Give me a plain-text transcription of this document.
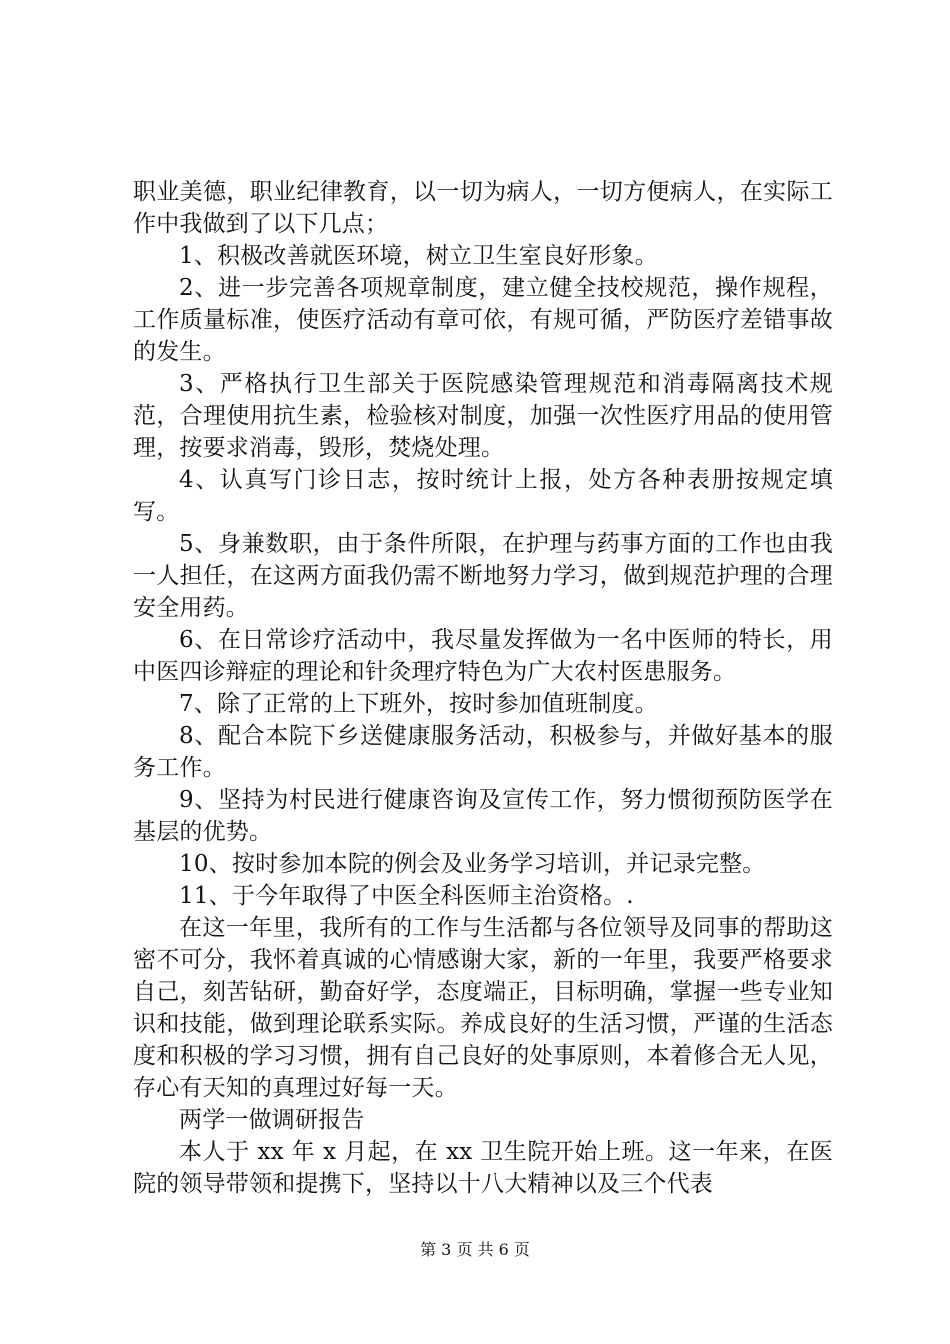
职业美德，职业纪律教育，以一切为病人，一切方便病人，在实际工作中我做到了以下几点；

1、积极改善就医环境，树立卫生室良好形象。

2、进一步完善各项规章制度，建立健全技校规范，操作规程，工作质量标准，使医疗活动有章可依，有规可循，严防医疗差错事故的发生。

3、严格执行卫生部关于医院感染管理规范和消毒隔离技术规范，合理使用抗生素，检验核对制度，加强一次性医疗用品的使用管理，按要求消毒，毁形，焚烧处理。

4、认真写门诊日志，按时统计上报，处方各种表册按规定填写。

5、身兼数职，由于条件所限，在护理与药事方面的工作也由我一人担任，在这两方面我仍需不断地努力学习，做到规范护理的合理安全用药。

6、在日常诊疗活动中，我尽量发挥做为一名中医师的特长，用中医四诊辩症的理论和针灸理疗特色为广大农村医患服务。

7、除了正常的上下班外，按时参加值班制度。

8、配合本院下乡送健康服务活动，积极参与，并做好基本的服务工作。

9、坚持为村民进行健康咨询及宣传工作，努力惯彻预防医学在基层的优势。

10、按时参加本院的例会及业务学习培训，并记录完整。

11、于今年取得了中医全科医师主治资格。.

在这一年里，我所有的工作与生活都与各位领导及同事的帮助这密不可分，我怀着真诚的心情感谢大家，新的一年里，我要严格要求自己，刻苦钻研，勤奋好学，态度端正，目标明确，掌握一些专业知识和技能，做到理论联系实际。养成良好的生活习惯，严谨的生活态度和积极的学习习惯，拥有自己良好的处事原则，本着修合无人见，存心有天知的真理过好每一天。

两学一做调研报告

本人于 xx 年 x 月起，在 xx 卫生院开始上班。这一年来，在医院的领导带领和提携下，坚持以十八大精神以及三个代表

第 3 页 共 6 页
